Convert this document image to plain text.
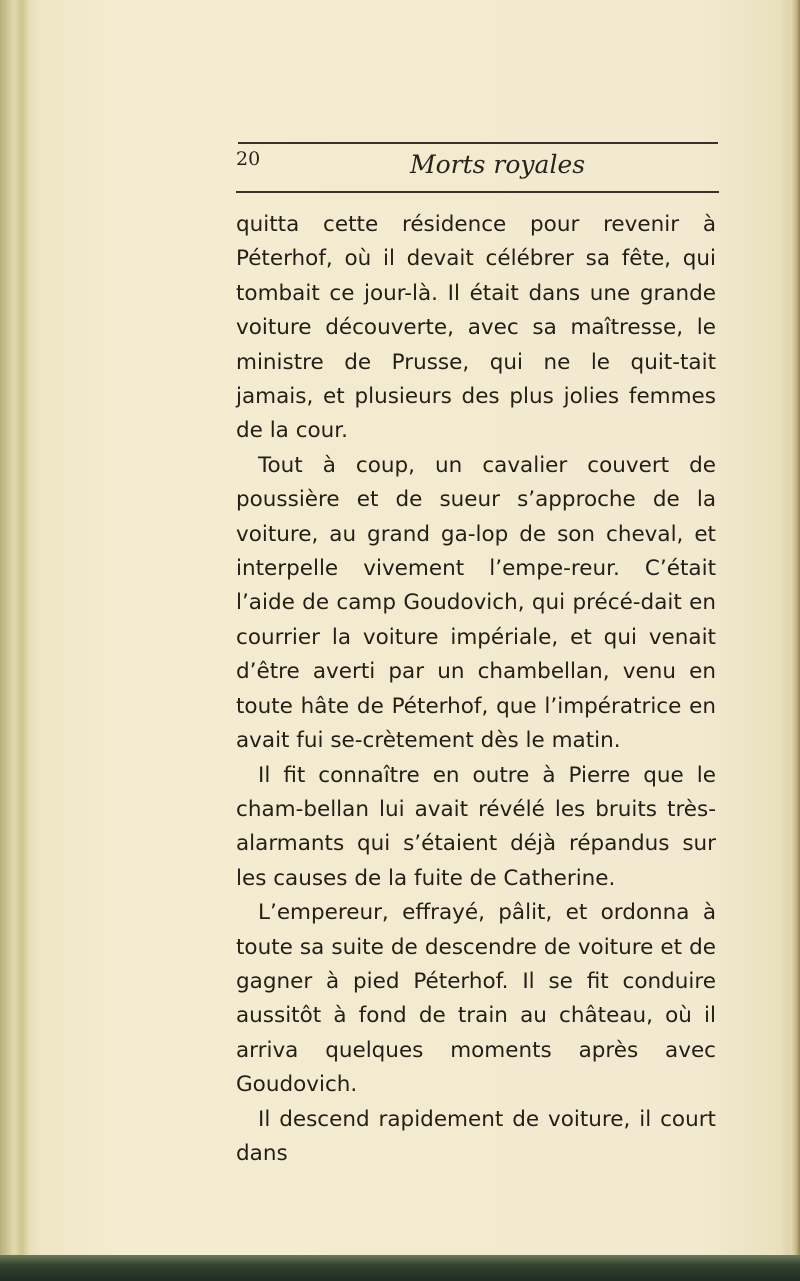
20	Morts royales

quitta cette résidence pour revenir à Péterhof, où il devait célébrer sa fête, qui tombait ce jour-là. Il était dans une grande voiture découverte, avec sa maîtresse, le ministre de Prusse, qui ne le quit-tait jamais, et plusieurs des plus jolies femmes de la cour.

Tout à coup, un cavalier couvert de poussière et de sueur s’approche de la voiture, au grand ga-lop de son cheval, et interpelle vivement l’empe-reur. C’était l’aide de camp Goudovich, qui précé-dait en courrier la voiture impériale, et qui venait d’être averti par un chambellan, venu en toute hâte de Péterhof, que l’impératrice en avait fui se-crètement dès le matin.

Il fit connaître en outre à Pierre que le cham-bellan lui avait révélé les bruits très-alarmants qui s’étaient déjà répandus sur les causes de la fuite de Catherine.

L’empereur, effrayé, pâlit, et ordonna à toute sa suite de descendre de voiture et de gagner à pied Péterhof. Il se fit conduire aussitôt à fond de train au château, où il arriva quelques moments après avec Goudovich.

Il descend rapidement de voiture, il court dans
